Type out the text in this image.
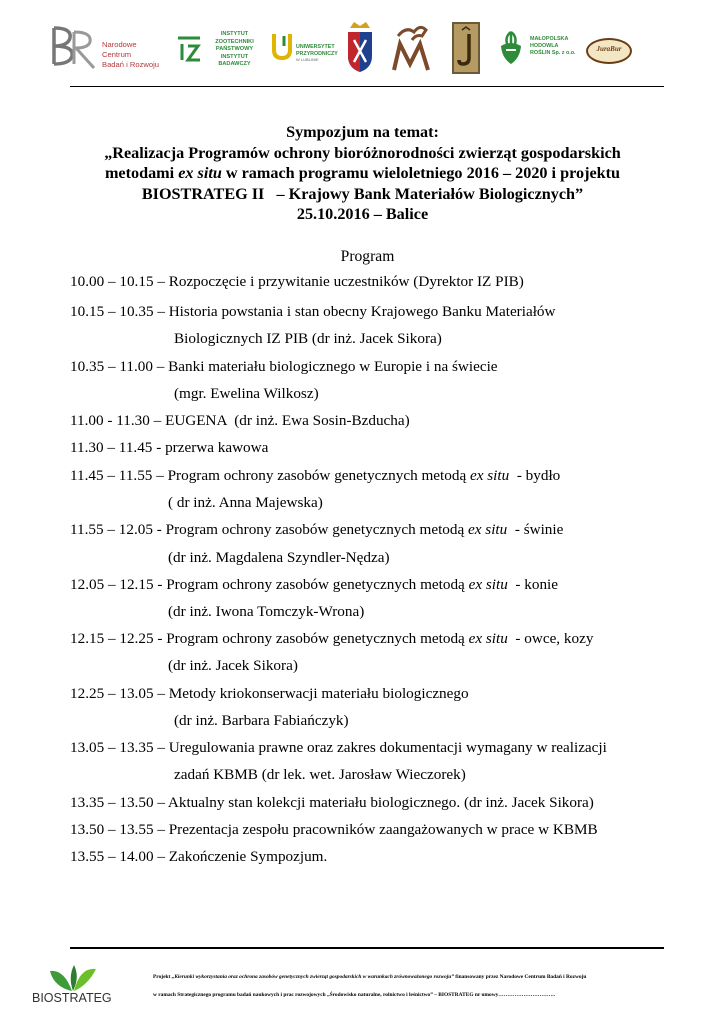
Narodowe Centrum
Badań i Rozwoju
INSTYTUT ZOOTECHNIKI
PAŃSTWOWY
INSTYTUT
BADAWCZY
UNIWERSYTET
PRZYRODNICZY
W LUBLINIE
MAŁOPOLSKA
HODOWLA
ROŚLIN Sp. z o.o.	JuraBur
Sympozjum na temat:
„Realizacja Programów ochrony bioróżnorodności zwierząt gospodarskich
metodami ex situ w ramach programu wieloletniego 2016 – 2020 i projektu
BIOSTRATEG II   – Krajowy Bank Materiałów Biologicznych”
25.10.2016 – Balice
Program
10.00 – 10.15 – Rozpoczęcie i przywitanie uczestników (Dyrektor IZ PIB)
10.15 – 10.35 – Historia powstania i stan obecny Krajowego Banku Materiałów
Biologicznych IZ PIB (dr inż. Jacek Sikora)
10.35 – 11.00 – Banki materiału biologicznego w Europie i na świecie
(mgr. Ewelina Wilkosz)
11.00 - 11.30 – EUGENA  (dr inż. Ewa Sosin-Bzducha)
11.30 – 11.45 - przerwa kawowa
11.45 – 11.55 – Program ochrony zasobów genetycznych metodą ex situ  - bydło
( dr inż. Anna Majewska)
11.55 – 12.05 - Program ochrony zasobów genetycznych metodą ex situ  - świnie
(dr inż. Magdalena Szyndler-Nędza)
12.05 – 12.15 - Program ochrony zasobów genetycznych metodą ex situ  - konie
(dr inż. Iwona Tomczyk-Wrona)
12.15 – 12.25 - Program ochrony zasobów genetycznych metodą ex situ  - owce, kozy
(dr inż. Jacek Sikora)
12.25 – 13.05 – Metody kriokonserwacji materiału biologicznego
(dr inż. Barbara Fabiańczyk)
13.05 – 13.35 – Uregulowania prawne oraz zakres dokumentacji wymagany w realizacji
zadań KBMB (dr lek. wet. Jarosław Wieczorek)
13.35 – 13.50 – Aktualny stan kolekcji materiału biologicznego. (dr inż. Jacek Sikora)
13.50 – 13.55 – Prezentacja zespołu pracowników zaangażowanych w prace w KBMB
13.55 – 14.00 – Zakończenie Sympozjum.
BIOSTRATEG
Projekt „Kierunki wykorzystania oraz ochrona zasobów genetycznych zwierząt gospodarskich w warunkach zrównoważonego rozwoju” finansowany przez Narodowe Centrum Badań i Rozwoju
w ramach Strategicznego programu badań naukowych i prac rozwojowych „Środowisko naturalne, rolnictwo i leśnictwo” – BIOSTRATEG nr umowy…………………………..
